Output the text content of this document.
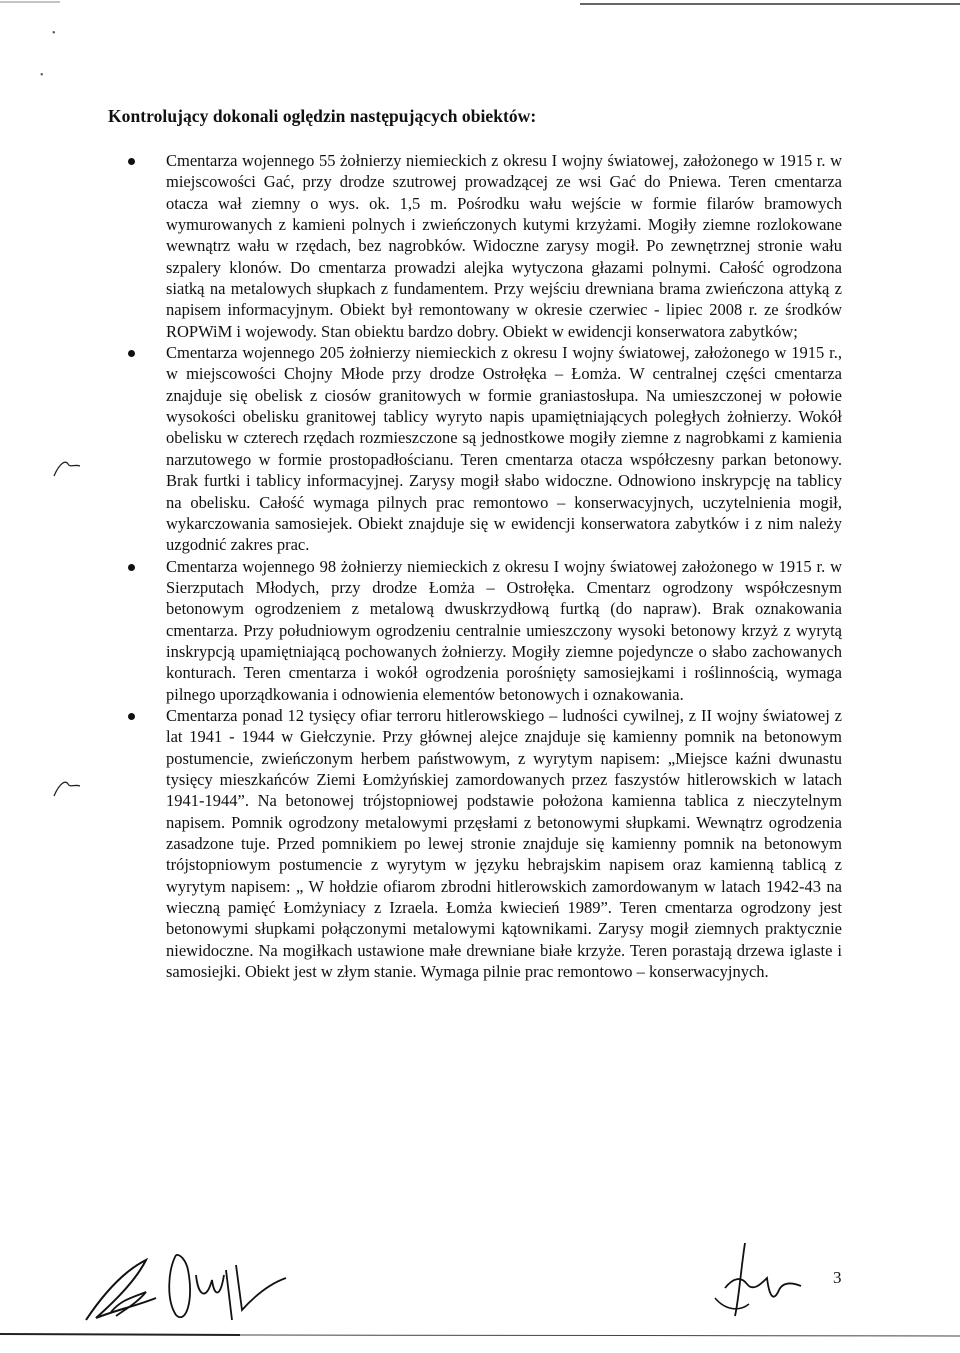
•
•
Kontrolujący dokonali oględzin następujących obiektów:
Cmentarza wojennego 55 żołnierzy niemieckich z okresu I wojny światowej, założonego w 1915 r. w miejscowości Gać, przy drodze szutrowej prowadzącej ze wsi Gać do Pniewa. Teren cmentarza otacza wał ziemny o wys. ok. 1,5 m. Pośrodku wału wejście w formie filarów bramowych wymurowanych z kamieni polnych i zwieńczonych kutymi krzyżami. Mogiły ziemne rozlokowane wewnątrz wału w rzędach, bez nagrobków. Widoczne zarysy mogił. Po zewnętrznej stronie wału szpalery klonów. Do cmentarza prowadzi alejka wytyczona głazami polnymi. Całość ogrodzona siatką na metalowych słupkach z fundamentem. Przy wejściu drewniana brama zwieńczona attyką z napisem informacyjnym. Obiekt był remontowany w okresie czerwiec - lipiec 2008 r. ze środków ROPWiM i wojewody. Stan obiektu bardzo dobry. Obiekt w ewidencji konserwatora zabytków;
Cmentarza wojennego 205 żołnierzy niemieckich z okresu I wojny światowej, założonego w 1915 r., w miejscowości Chojny Młode przy drodze Ostrołęka – Łomża. W centralnej części cmentarza znajduje się obelisk z ciosów granitowych w formie graniastosłupa. Na umieszczonej w połowie wysokości obelisku granitowej tablicy wyryto napis upamiętniających poległych żołnierzy. Wokół obelisku w czterech rzędach rozmieszczone są jednostkowe mogiły ziemne z nagrobkami z kamienia narzutowego w formie prostopadłościanu. Teren cmentarza otacza współczesny parkan betonowy. Brak furtki i tablicy informacyjnej. Zarysy mogił słabo widoczne. Odnowiono inskrypcję na tablicy na obelisku. Całość wymaga pilnych prac remontowo – konserwacyjnych, uczytelnienia mogił, wykarczowania samosiejek. Obiekt znajduje się w ewidencji konserwatora zabytków i z nim należy uzgodnić zakres prac.
Cmentarza wojennego 98 żołnierzy niemieckich z okresu I wojny światowej założonego w 1915 r. w Sierzputach Młodych, przy drodze Łomża – Ostrołęka. Cmentarz ogrodzony współczesnym betonowym ogrodzeniem z metalową dwuskrzydłową furtką (do napraw). Brak oznakowania cmentarza. Przy południowym ogrodzeniu centralnie umieszczony wysoki betonowy krzyż z wyrytą inskrypcją upamiętniającą pochowanych żołnierzy. Mogiły ziemne pojedyncze o słabo zachowanych konturach. Teren cmentarza i wokół ogrodzenia porośnięty samosiejkami i roślinnością, wymaga pilnego uporządkowania i odnowienia elementów betonowych i oznakowania.
Cmentarza ponad 12 tysięcy ofiar terroru hitlerowskiego – ludności cywilnej, z II wojny światowej z lat 1941 - 1944 w Giełczynie. Przy głównej alejce znajduje się kamienny pomnik na betonowym postumencie, zwieńczonym herbem państwowym, z wyrytym napisem: „Miejsce kaźni dwunastu tysięcy mieszkańców Ziemi Łomżyńskiej zamordowanych przez faszystów hitlerowskich w latach 1941-1944”. Na betonowej trójstopniowej podstawie położona kamienna tablica z nieczytelnym napisem. Pomnik ogrodzony metalowymi przęsłami z betonowymi słupkami. Wewnątrz ogrodzenia zasadzone tuje. Przed pomnikiem po lewej stronie znajduje się kamienny pomnik na betonowym trójstopniowym postumencie z wyrytym w języku hebrajskim napisem oraz kamienną tablicą z wyrytym napisem: „ W hołdzie ofiarom zbrodni hitlerowskich zamordowanym w latach 1942-43 na wieczną pamięć Łomżyniacy z Izraela. Łomża kwiecień 1989”. Teren cmentarza ogrodzony jest betonowymi słupkami połączonymi metalowymi kątownikami. Zarysy mogił ziemnych praktycznie niewidoczne. Na mogiłkach ustawione małe drewniane białe krzyże. Teren porastają drzewa iglaste i samosiejki. Obiekt jest w złym stanie. Wymaga pilnie prac remontowo – konserwacyjnych.
3
